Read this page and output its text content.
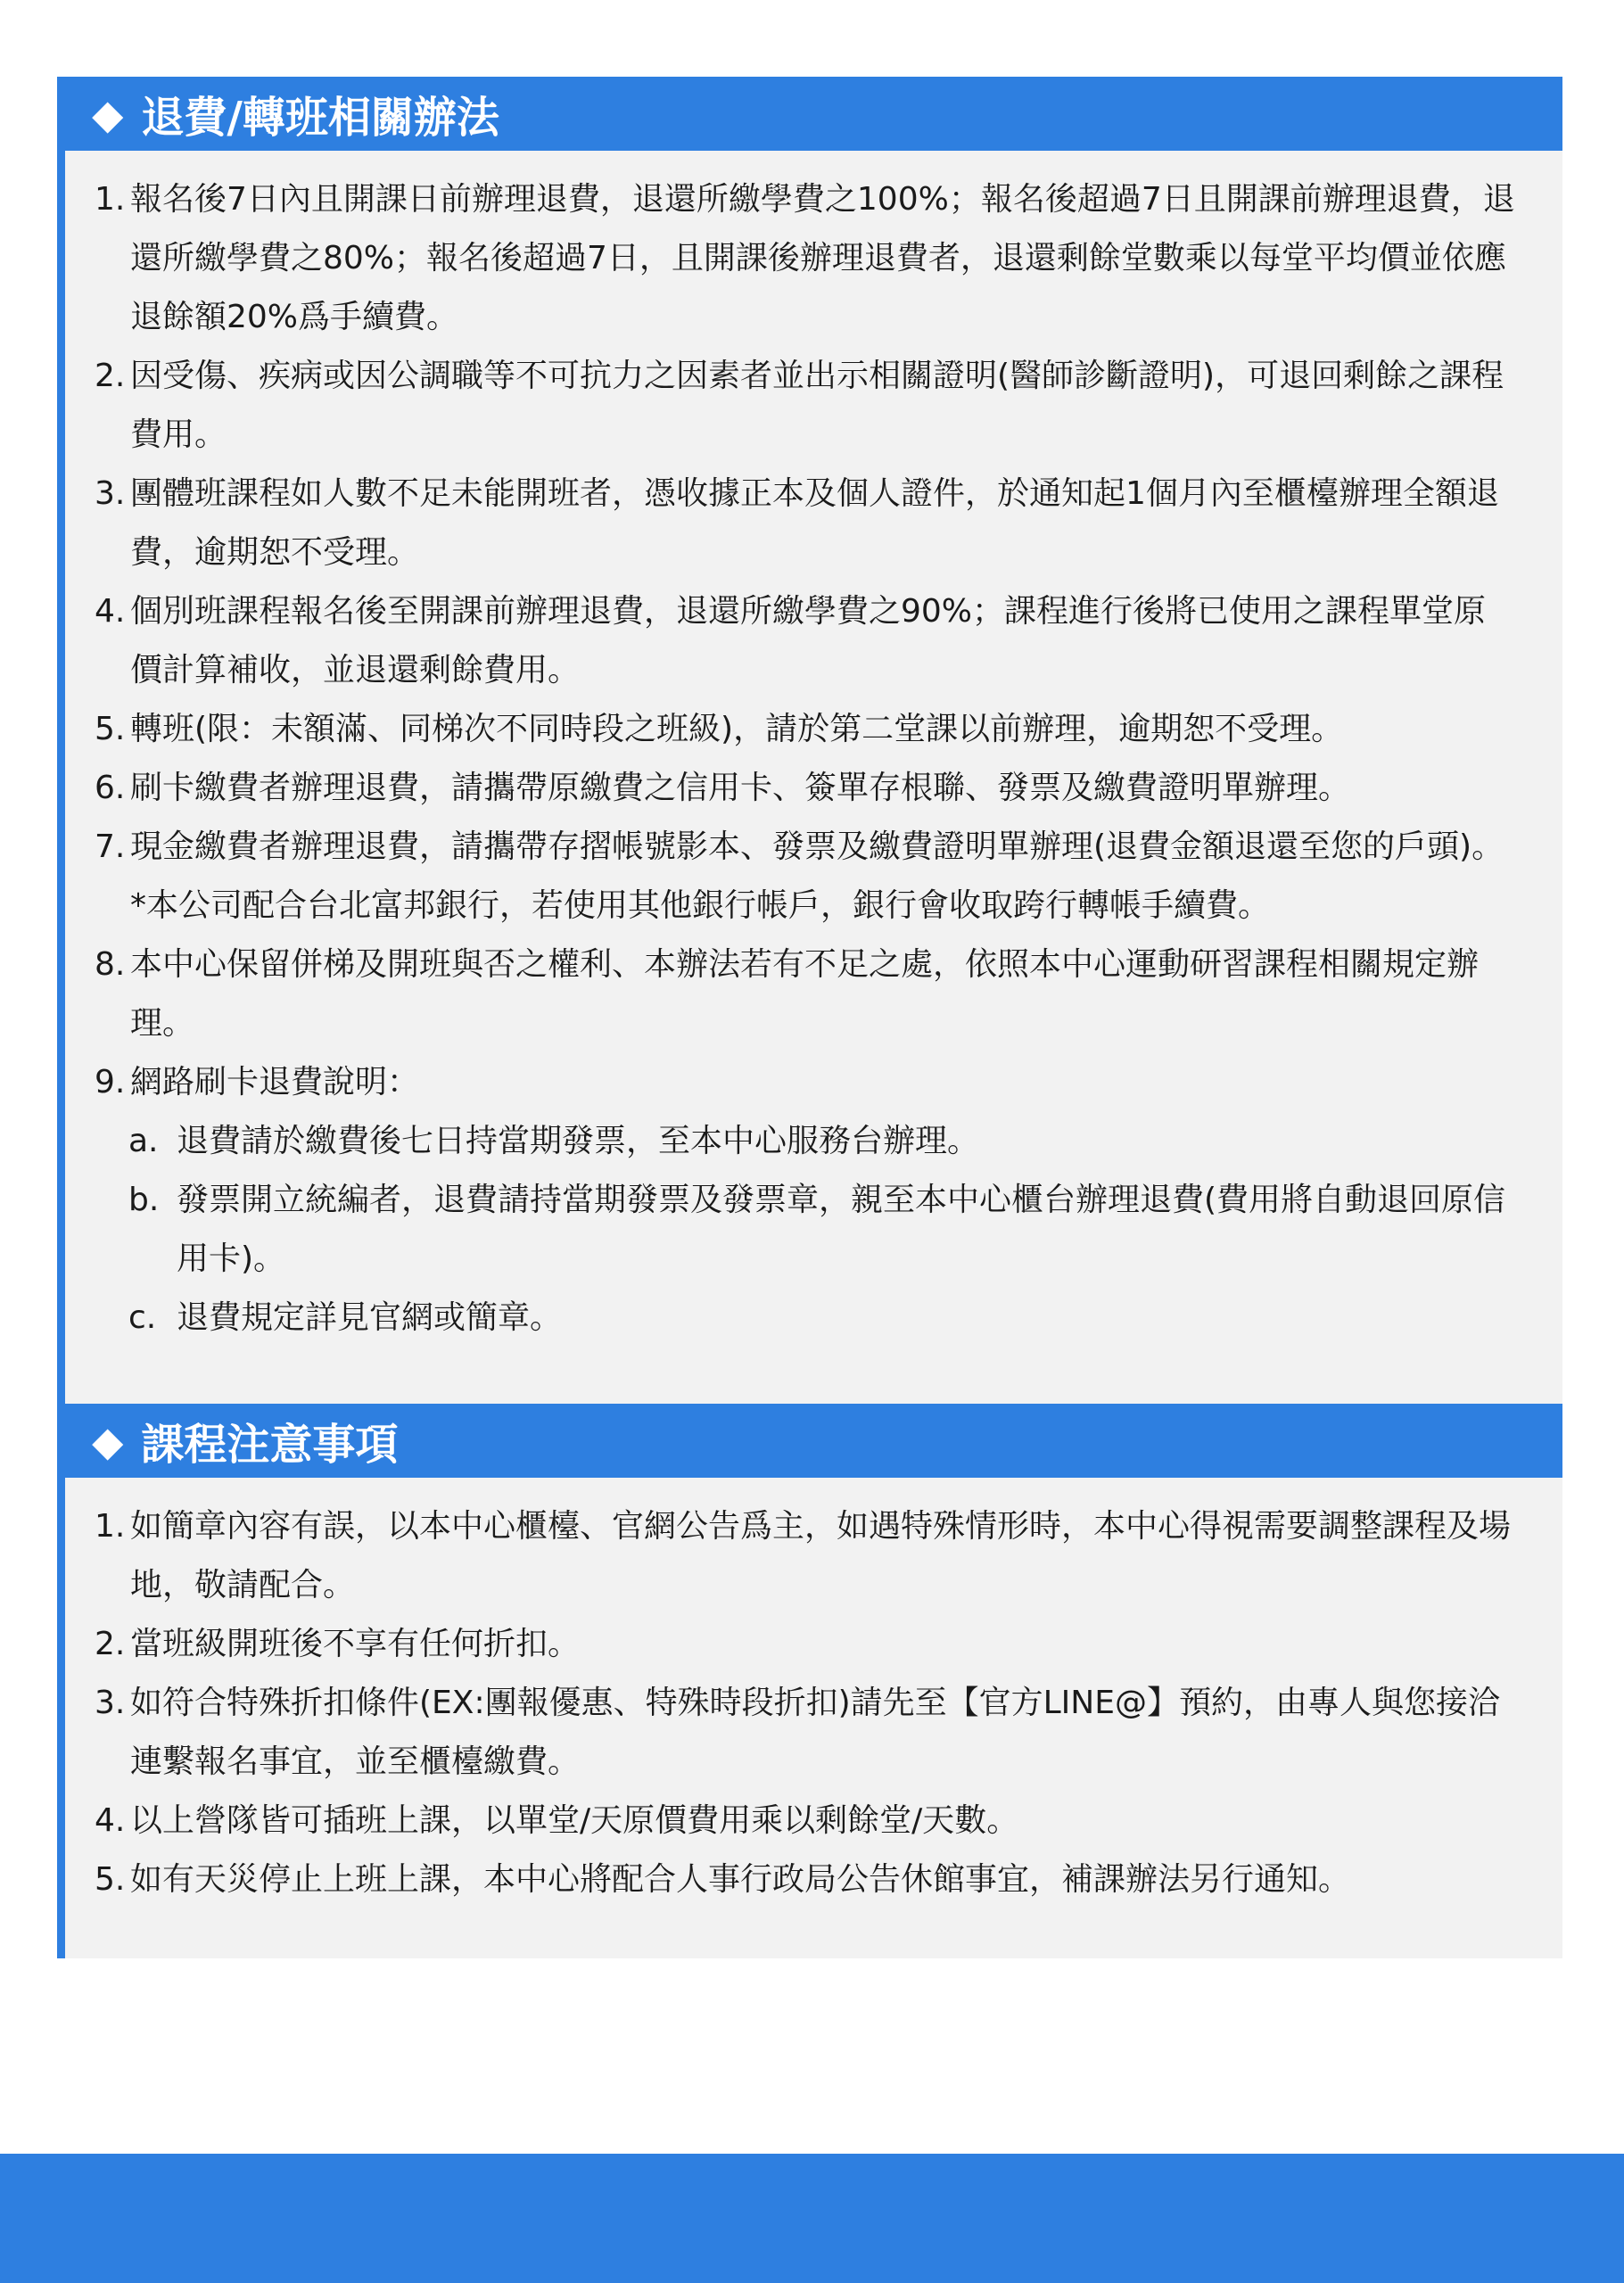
◆ 退費/轉班相關辦法
1. 報名後7日內且開課日前辦理退費，退還所繳學費之100%；報名後超過7日且開課前辦理退費，退還所繳學費之80%；報名後超過7日，且開課後辦理退費者，退還剩餘堂數乘以每堂平均價並依應退餘額20%爲手續費。
2. 因受傷、疾病或因公調職等不可抗力之因素者並出示相關證明(醫師診斷證明)，可退回剩餘之課程費用。
3. 團體班課程如人數不足未能開班者，憑收據正本及個人證件，於通知起1個月內至櫃檯辦理全額退費，逾期恕不受理。
4. 個別班課程報名後至開課前辦理退費，退還所繳學費之90%；課程進行後將已使用之課程單堂原價計算補收，並退還剩餘費用。
5. 轉班(限：未額滿、同梯次不同時段之班級)，請於第二堂課以前辦理，逾期恕不受理。
6. 刷卡繳費者辦理退費，請攜帶原繳費之信用卡、簽單存根聯、發票及繳費證明單辦理。
7. 現金繳費者辦理退費，請攜帶存摺帳號影本、發票及繳費證明單辦理(退費金額退還至您的戶頭)。 *本公司配合台北富邦銀行，若使用其他銀行帳戶，銀行會收取跨行轉帳手續費。
8. 本中心保留併梯及開班與否之權利、本辦法若有不足之處，依照本中心運動研習課程相關規定辦理。
9. 網路刷卡退費說明：
a. 退費請於繳費後七日持當期發票，至本中心服務台辦理。
b. 發票開立統編者，退費請持當期發票及發票章，親至本中心櫃台辦理退費(費用將自動退回原信用卡)。
c. 退費規定詳見官網或簡章。
◆ 課程注意事項
1. 如簡章內容有誤，以本中心櫃檯、官網公告爲主，如遇特殊情形時，本中心得視需要調整課程及場地，敬請配合。
2. 當班級開班後不享有任何折扣。
3. 如符合特殊折扣條件(EX:團報優惠、特殊時段折扣)請先至【官方LINE@】預約，由專人與您接洽連繫報名事宜，並至櫃檯繳費。
4. 以上營隊皆可插班上課，以單堂/天原價費用乘以剩餘堂/天數。
5. 如有天災停止上班上課，本中心將配合人事行政局公告休館事宜，補課辦法另行通知。
